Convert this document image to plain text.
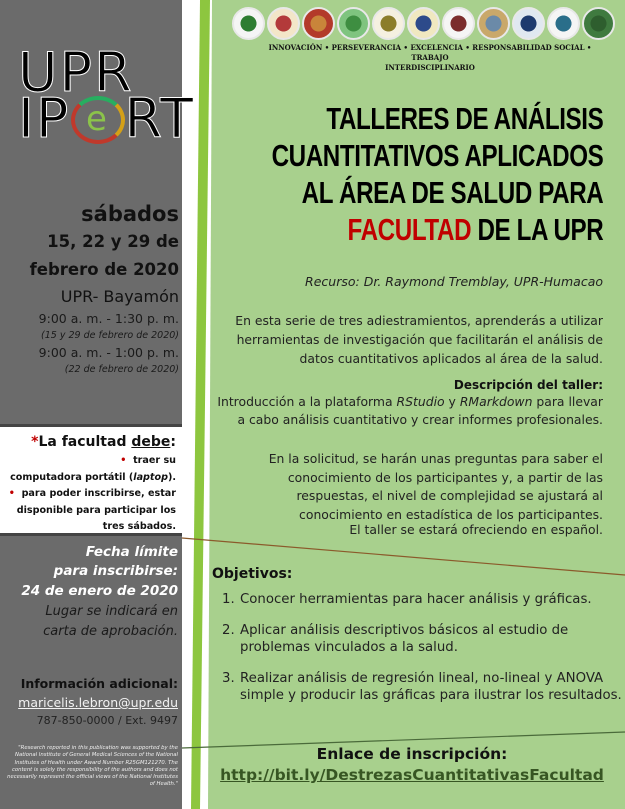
UPR
IP e RT
INNOVACIÓN • PERSEVERANCIA • EXCELENCIA • RESPONSABILIDAD SOCIAL • TRABAJO
INTERDISCIPLINARIO
TALLERES DE ANÁLISIS
CUANTITATIVOS APLICADOS
AL ÁREA DE SALUD PARA
FACULTAD DE LA UPR
Recurso: Dr. Raymond Tremblay, UPR-Humacao
En esta serie de tres adiestramientos, aprenderás a utilizar herramientas de investigación que facilitarán el análisis de datos cuantitativos aplicados al área de la salud.
Descripción del taller:
Introducción a la plataforma RStudio y RMarkdown para llevar a cabo análisis cuantitativo y crear informes profesionales.
En la solicitud, se harán unas preguntas para saber el conocimiento de los participantes y, a partir de las respuestas, el nivel de complejidad se ajustará al conocimiento en estadística de los participantes.
El taller se estará ofreciendo en español.
sábados
15, 22 y 29 de
febrero de 2020
UPR- Bayamón
9:00 a. m. - 1:30 p. m.
(15 y 29 de febrero de 2020)
9:00 a. m. - 1:00 p. m.
(22 de febrero de 2020)
*La facultad debe:
• traer su
computadora portátil (laptop).
• para poder inscribirse, estar
disponible para participar los
tres sábados.
Fecha límite
para inscribirse:
24 de enero de 2020
Lugar se indicará en
carta de aprobación.
Información adicional:
maricelis.lebron@upr.edu
787-850-0000 / Ext. 9497
"Research reported in this publication was supported by the National Institute of General Medical Sciences of the National Institutes of Health under Award Number R25GM121270. The content is solely the responsibility of the authors and does not necessarily represent the official views of the National Institutes of Health."
Objetivos:
1. Conocer herramientas para hacer análisis y gráficas.
2. Aplicar análisis descriptivos básicos al estudio de problemas vinculados a la salud.
3. Realizar análisis de regresión lineal, no-lineal y ANOVA simple y producir las gráficas para ilustrar los resultados.
Enlace de inscripción:
http://bit.ly/DestrezasCuantitativasFacultad
